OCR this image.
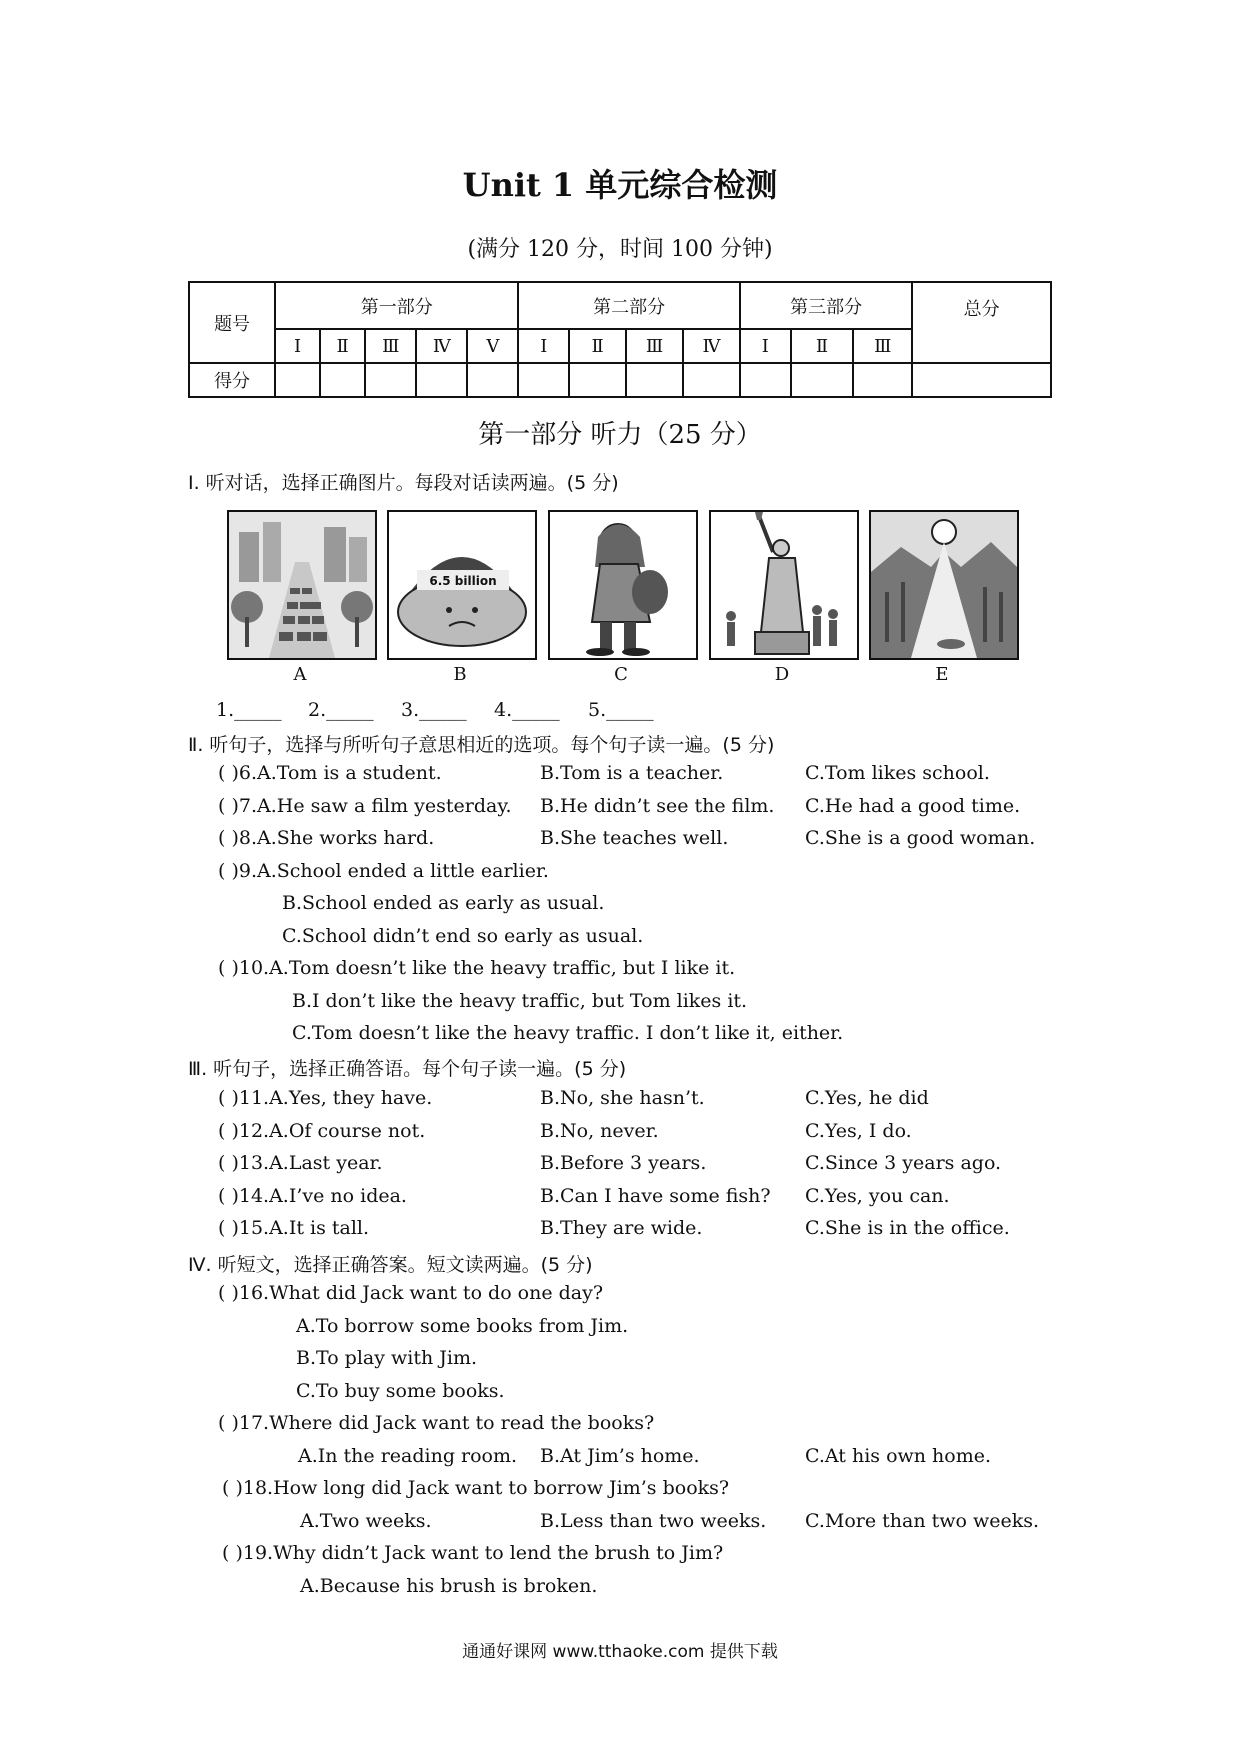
Unit 1 单元综合检测
(满分 120 分，时间 100 分钟)
题号	第一部分					第二部分				第三部分			总分
	Ⅰ	Ⅱ	Ⅲ	Ⅳ	Ⅴ	Ⅰ	Ⅱ	Ⅲ	Ⅳ	Ⅰ	Ⅱ	Ⅲ	
得分													
第一部分 听力（25 分）
Ⅰ. 听对话，选择正确图片。每段对话读两遍。(5 分)
6.5 billion
A	B	C	D	E
1._____ 2._____ 3._____ 4._____ 5._____
Ⅱ. 听句子，选择与所听句子意思相近的选项。每个句子读一遍。(5 分)
( )6.A.Tom is a student.	B.Tom is a teacher.	C.Tom likes school.
( )7.A.He saw a film yesterday. B.He didn’t see the film. C.He had a good time.
( )8.A.She works hard.	B.She teaches well.	C.She is a good woman.
( )9.A.School ended a little earlier.
B.School ended as early as usual.
C.School didn’t end so early as usual.
( )10.A.Tom doesn’t like the heavy traffic, but I like it.
B.I don’t like the heavy traffic, but Tom likes it.
C.Tom doesn’t like the heavy traffic. I don’t like it, either.
Ⅲ. 听句子，选择正确答语。每个句子读一遍。(5 分)
( )11.A.Yes, they have.	B.No, she hasn’t.	C.Yes, he did
( )12.A.Of course not.	B.No, never.	C.Yes, I do.
( )13.A.Last year.	B.Before 3 years.	C.Since 3 years ago.
( )14.A.I’ve no idea.	B.Can I have some fish? C.Yes, you can.
( )15.A.It is tall.	B.They are wide.	C.She is in the office.
Ⅳ. 听短文，选择正确答案。短文读两遍。(5 分)
( )16.What did Jack want to do one day?
A.To borrow some books from Jim.
B.To play with Jim.
C.To buy some books.
( )17.Where did Jack want to read the books?
A.In the reading room. B.At Jim’s home.	C.At his own home.
( )18.How long did Jack want to borrow Jim’s books?
A.Two weeks.	B.Less than two weeks. C.More than two weeks.
( )19.Why didn’t Jack want to lend the brush to Jim?
A.Because his brush is broken.
通通好课网 www.tthaoke.com 提供下载
